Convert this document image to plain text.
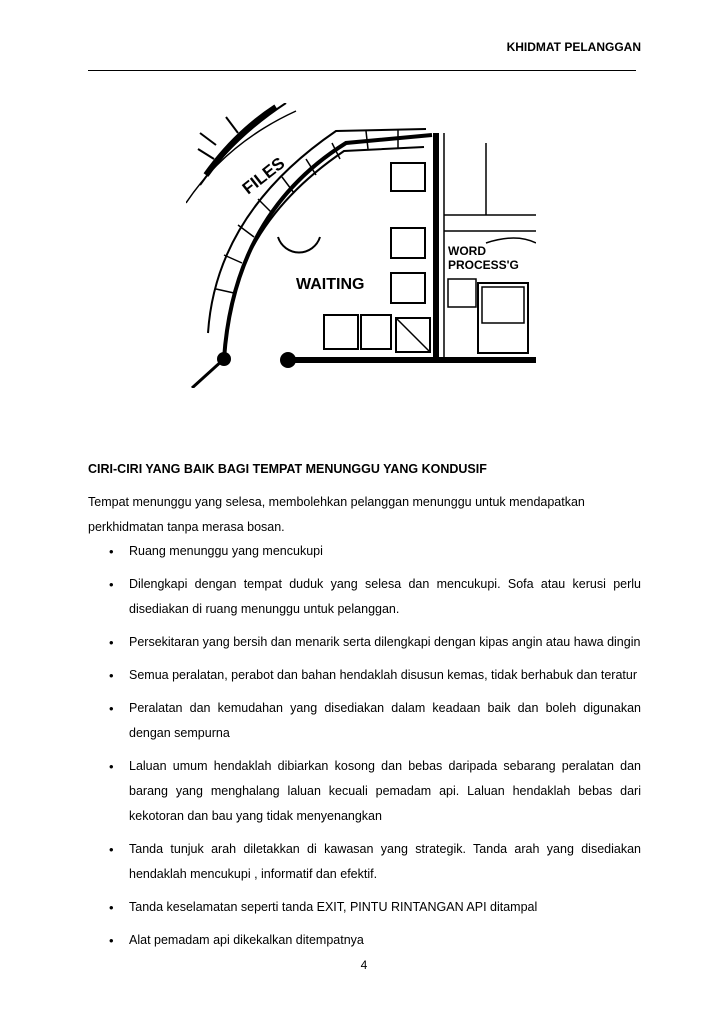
KHIDMAT PELANGGAN
FILES
WAITING
WORD
PROCESS'G
CIRI-CIRI YANG BAIK BAGI TEMPAT MENUNGGU YANG KONDUSIF
Tempat menunggu yang selesa, membolehkan pelanggan menunggu untuk mendapatkan perkhidmatan tanpa merasa bosan.
• Ruang menunggu yang mencukupi
• Dilengkapi dengan tempat duduk yang selesa dan mencukupi. Sofa atau kerusi perlu disediakan di ruang menunggu untuk pelanggan.
• Persekitaran yang bersih dan menarik serta dilengkapi dengan kipas angin atau hawa dingin
• Semua peralatan, perabot dan bahan hendaklah disusun kemas, tidak berhabuk dan teratur
• Peralatan dan kemudahan yang disediakan dalam keadaan baik dan boleh digunakan dengan sempurna
• Laluan umum hendaklah dibiarkan kosong dan bebas daripada sebarang peralatan dan barang yang menghalang laluan kecuali pemadam api. Laluan hendaklah bebas dari kekotoran dan bau yang tidak menyenangkan
• Tanda tunjuk arah diletakkan di kawasan yang strategik. Tanda arah yang disediakan hendaklah mencukupi , informatif dan efektif.
• Tanda keselamatan seperti tanda EXIT, PINTU RINTANGAN API ditampal
• Alat pemadam api dikekalkan ditempatnya
4
